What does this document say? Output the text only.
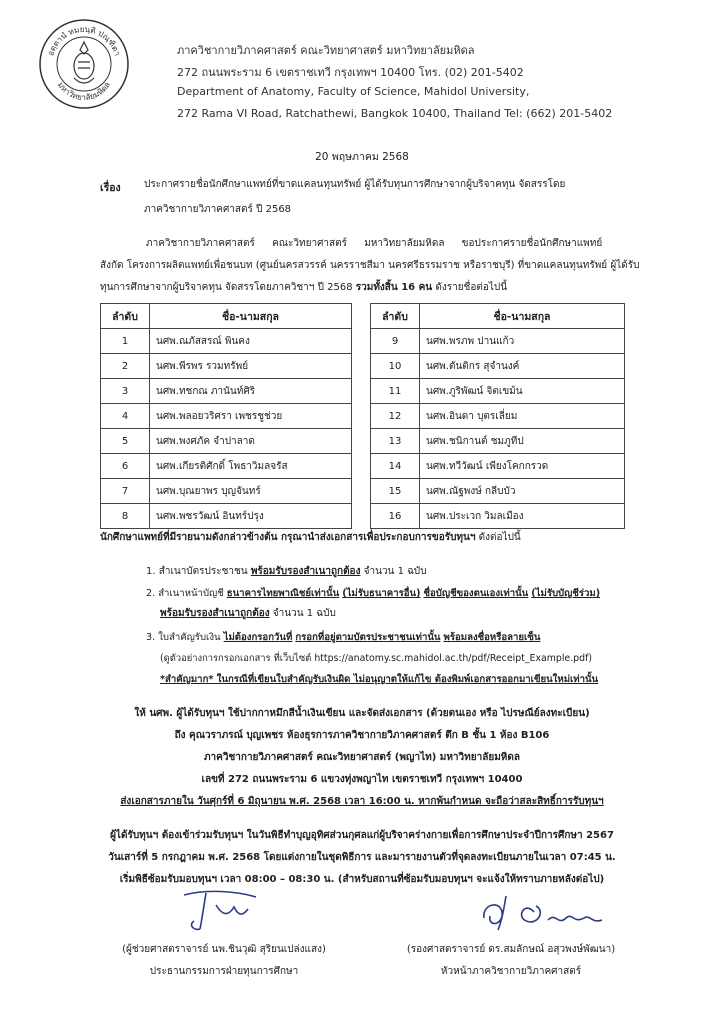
อตฺตานํ ทมยนฺติ ปณฺฑิตา
มหาวิทยาลัยมหิดล
ภาควิชากายวิภาคศาสตร์ คณะวิทยาศาสตร์ มหาวิทยาลัยมหิดล
272 ถนนพระราม 6 เขตราชเทวี กรุงเทพฯ 10400 โทร. (02) 201-5402
Department of Anatomy, Faculty of Science, Mahidol University,
272 Rama VI Road, Ratchathewi, Bangkok 10400, Thailand Tel: (662) 201-5402
20 พฤษภาคม 2568
เรื่อง ประกาศรายชื่อนักศึกษาแพทย์ที่ขาดแคลนทุนทรัพย์ ผู้ได้รับทุนการศึกษาจากผู้บริจาคทุน จัดสรรโดย
ภาควิชากายวิภาคศาสตร์ ปี 2568
ภาควิชากายวิภาคศาสตร์ คณะวิทยาศาสตร์ มหาวิทยาลัยมหิดล ขอประกาศรายชื่อนักศึกษาแพทย์
สังกัด โครงการผลิตแพทย์เพื่อชนบท (ศูนย์นครสวรรค์ นครราชสีมา นครศรีธรรมราช หรือราชบุรี) ที่ขาดแคลนทุนทรัพย์ ผู้ได้รับ
ทุนการศึกษาจากผู้บริจาคทุน จัดสรรโดยภาควิชาฯ ปี 2568 รวมทั้งสิ้น 16 คน ดังรายชื่อต่อไปนี้
ลำดับ	ชื่อ-นามสกุล
1	นศพ.ณภัสสรณ์ พินคง
2	นศพ.พีรพร รวมทรัพย์
3	นศพ.ทชกณ ภานันท์ศิริ
4	นศพ.พลอยวริศรา เพชรชูช่วย
5	นศพ.พงศภัค จำปาลาด
6	นศพ.เกียรติศักดิ์ โพธาวิมลจรัส
7	นศพ.บุณยาพร บุญจันทร์
8	นศพ.พชรวัฒน์ อินทร์ปรุง
ลำดับ	ชื่อ-นามสกุล
9	นศพ.พรภพ ปานแก้ว
10	นศพ.ตันติกร สุจำนงค์
11	นศพ.ภูริพัฒน์ จิตเขม้น
12	นศพ.อินดา บุตรเลี่ยม
13	นศพ.ชนิกานต์ ชมภูทีป
14	นศพ.ทวีวัฒน์ เพียงโคกกรวด
15	นศพ.ณัฐพงษ์ กลีบบัว
16	นศพ.ประเวก วิมลเมือง
นักศึกษาแพทย์ที่มีรายนามดังกล่าวข้างต้น กรุณานำส่งเอกสารเพื่อประกอบการขอรับทุนฯ ดังต่อไปนี้
1. สำเนาบัตรประชาชน พร้อมรับรองสำเนาถูกต้อง จำนวน 1 ฉบับ
2. สำเนาหน้าบัญชี ธนาคารไทยพาณิชย์เท่านั้น (ไม่รับธนาคารอื่น) ชื่อบัญชีของตนเองเท่านั้น (ไม่รับบัญชีร่วม)
พร้อมรับรองสำเนาถูกต้อง จำนวน 1 ฉบับ
3. ใบสำคัญรับเงิน ไม่ต้องกรอกวันที่ กรอกที่อยู่ตามบัตรประชาชนเท่านั้น พร้อมลงชื่อหรือลายเซ็น
(ดูตัวอย่างการกรอกเอกสาร ที่เว็บไซต์ https://anatomy.sc.mahidol.ac.th/pdf/Receipt_Example.pdf)
*สำคัญมาก* ในกรณีที่เขียนใบสำคัญรับเงินผิด ไม่อนุญาตให้แก้ไข ต้องพิมพ์เอกสารออกมาเขียนใหม่เท่านั้น
ให้ นศพ. ผู้ได้รับทุนฯ ใช้ปากกาหมึกสีน้ำเงินเขียน และจัดส่งเอกสาร (ด้วยตนเอง หรือ ไปรษณีย์ลงทะเบียน)
ถึง คุณวราภรณ์ บุญเพชร ห้องธุรการภาควิชากายวิภาคศาสตร์ ตึก B ชั้น 1 ห้อง B106
ภาควิชากายวิภาคศาสตร์ คณะวิทยาศาสตร์ (พญาไท) มหาวิทยาลัยมหิดล
เลขที่ 272 ถนนพระราม 6 แขวงทุ่งพญาไท เขตราชเทวี กรุงเทพฯ 10400
ส่งเอกสารภายใน วันศุกร์ที่ 6 มิถุนายน พ.ศ. 2568 เวลา 16:00 น. หากพ้นกำหนด จะถือว่าสละสิทธิ์การรับทุนฯ
ผู้ได้รับทุนฯ ต้องเข้าร่วมรับทุนฯ ในวันพิธีทำบุญอุทิศส่วนกุศลแก่ผู้บริจาคร่างกายเพื่อการศึกษาประจำปีการศึกษา 2567
วันเสาร์ที่ 5 กรกฎาคม พ.ศ. 2568 โดยแต่งกายในชุดพิธีการ และมารายงานตัวที่จุดลงทะเบียนภายในเวลา 07:45 น.
เริ่มพิธีซ้อมรับมอบทุนฯ เวลา 08:00 – 08:30 น. (สำหรับสถานที่ซ้อมรับมอบทุนฯ จะแจ้งให้ทราบภายหลังต่อไป)
(ผู้ช่วยศาสตราจารย์ นพ.ชินวุฒิ สุริยนเปล่งแสง)
ประธานกรรมการฝ่ายทุนการศึกษา
(รองศาสตราจารย์ ดร.สมลักษณ์ อสุวพงษ์พัฒนา)
หัวหน้าภาควิชากายวิภาคศาสตร์
